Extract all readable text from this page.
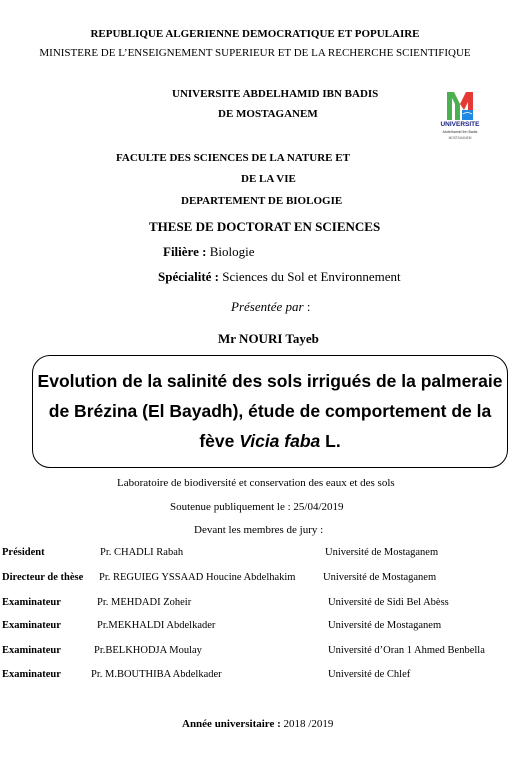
REPUBLIQUE ALGERIENNE DEMOCRATIQUE ET POPULAIRE
MINISTERE DE L’ENSEIGNEMENT SUPERIEUR ET DE LA RECHERCHE SCIENTIFIQUE
UNIVERSITE ABDELHAMID IBN BADIS
DE MOSTAGANEM
UNIVERSITE
Abdelhamid Ibn Badis
MOSTAGANEM
FACULTE DES SCIENCES DE LA NATURE ET
DE LA VIE
DEPARTEMENT DE BIOLOGIE
THESE DE DOCTORAT EN SCIENCES
Filière : Biologie
Spécialité : Sciences du Sol et Environnement
Présentée par :
Mr NOURI Tayeb
Evolution de la salinité des sols irrigués de la palmeraie de Brézina (El Bayadh), étude de comportement de la fève Vicia faba L.
Laboratoire de biodiversité et conservation des eaux et des sols
Soutenue publiquement le : 25/04/2019
Devant les membres de jury :
Président	Pr. CHADLI Rabah	Université de Mostaganem
Directeur de thèse Pr. REGUIEG YSSAAD Houcine Abdelhakim	Université de Mostaganem
Examinateur	Pr. MEHDADI Zoheir	Université de Sidi Bel Abèss
Examinateur	Pr.MEKHALDI Abdelkader	Université de Mostaganem
Examinateur	Pr.BELKHODJA Moulay	Université d’Oran 1 Ahmed Benbella
Examinateur	Pr. M.BOUTHIBA Abdelkader	Université de Chlef
Année universitaire : 2018 /2019
